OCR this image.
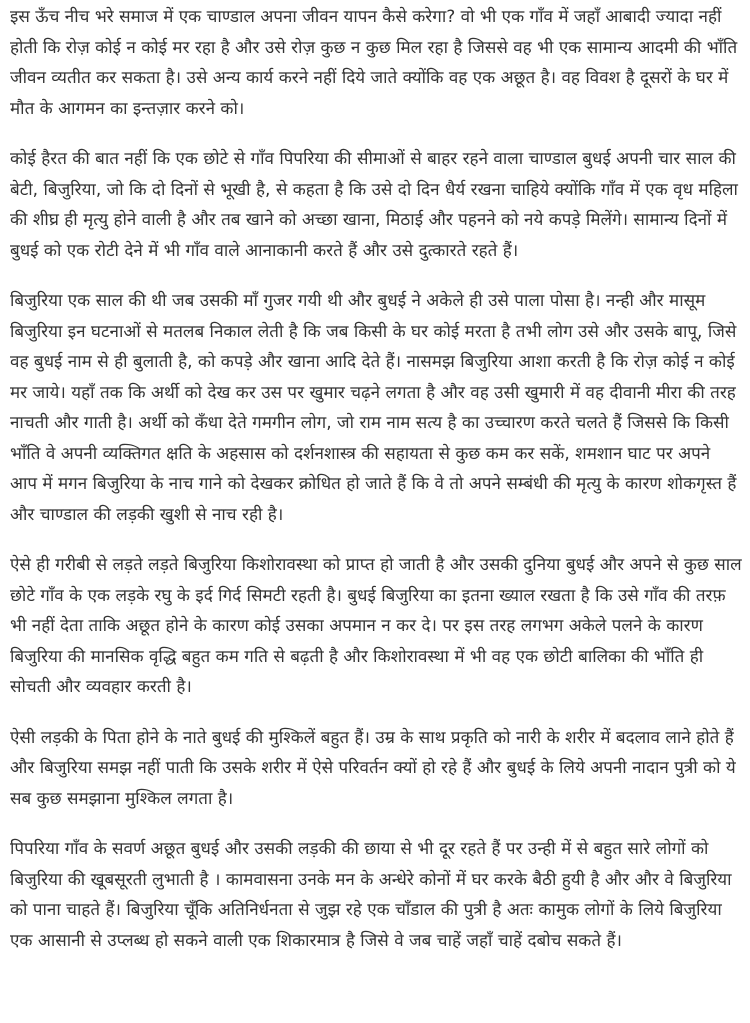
इस ऊँच नीच भरे समाज में एक चाण्डाल अपना जीवन यापन कैसे करेगा? वो भी एक गाँव में जहाँ आबादी ज्यादा नहीं होती कि रोज़ कोई न कोई मर रहा है और उसे रोज़ कुछ न कुछ मिल रहा है जिससे वह भी एक सामान्य आदमी की भाँति जीवन व्यतीत कर सकता है। उसे अन्य कार्य करने नहीं दिये जाते क्योंकि वह एक अछूत है। वह विवश है दूसरों के घर में मौत के आगमन का इन्तज़ार करने को।

कोई हैरत की बात नहीं कि एक छोटे से गाँव पिपरिया की सीमाओं से बाहर रहने वाला चाण्डाल बुधई अपनी चार साल की बेटी, बिजुरिया, जो कि दो दिनों से भूखी है, से कहता है कि उसे दो दिन धैर्य रखना चाहिये क्योंकि गाँव में एक वृध महिला की शीघ्र ही मृत्यु होने वाली है और तब खाने को अच्छा खाना, मिठाई और पहनने को नये कपड़े मिलेंगे। सामान्य दिनों में बुधई को एक रोटी देने में भी गाँव वाले आनाकानी करते हैं और उसे दुत्कारते रहते हैं।

बिजुरिया एक साल की थी जब उसकी माँ गुजर गयी थी और बुधई ने अकेले ही उसे पाला पोसा है। नन्ही और मासूम बिजुरिया इन घटनाओं से मतलब निकाल लेती है कि जब किसी के घर कोई मरता है तभी लोग उसे और उसके बापू, जिसे वह बुधई नाम से ही बुलाती है, को कपड़े और खाना आदि देते हैं। नासमझ बिजुरिया आशा करती है कि रोज़ कोई न कोई मर जाये। यहाँ तक कि अर्थी को देख कर उस पर खुमार चढ़ने लगता है और वह उसी खुमारी में वह दीवानी मीरा की तरह नाचती और गाती है। अर्थी को कँधा देते गमगीन लोग, जो राम नाम सत्य है का उच्चारण करते चलते हैं जिससे कि किसी भाँति वे अपनी व्यक्तिगत क्षति के अहसास को दर्शनशास्त्र की सहायता से कुछ कम कर सकें, शमशान घाट पर अपने आप में मगन बिजुरिया के नाच गाने को देखकर क्रोधित हो जाते हैं कि वे तो अपने सम्बंधी की मृत्यु के कारण शोकगृस्त हैं और चाण्डाल की लड़की खुशी से नाच रही है।

ऐसे ही गरीबी से लड़ते लड़ते बिजुरिया किशोरावस्था को प्राप्त हो जाती है और उसकी दुनिया बुधई और अपने से कुछ साल छोटे गाँव के एक लड़के रघु के इर्द गिर्द सिमटी रहती है। बुधई बिजुरिया का इतना ख्याल रखता है कि उसे गाँव की तरफ़ भी नहीं देता ताकि अछूत होने के कारण कोई उसका अपमान न कर दे। पर इस तरह लगभग अकेले पलने के कारण बिजुरिया की मानसिक वृद्धि बहुत कम गति से बढ़ती है और किशोरावस्था में भी वह एक छोटी बालिका की भाँति ही सोचती और व्यवहार करती है।

ऐसी लड़की के पिता होने के नाते बुधई की मुश्किलें बहुत हैं। उम्र के साथ प्रकृति को नारी के शरीर में बदलाव लाने होते हैं और बिजुरिया समझ नहीं पाती कि उसके शरीर में ऐसे परिवर्तन क्यों हो रहे हैं और बुधई के लिये अपनी नादान पुत्री को ये सब कुछ समझाना मुश्किल लगता है।

पिपरिया गाँव के सवर्ण अछूत बुधई और उसकी लड़की की छाया से भी दूर रहते हैं पर उन्ही में से बहुत सारे लोगों को बिजुरिया की खूबसूरती लुभाती है । कामवासना उनके मन के अन्धेरे कोनों में घर करके बैठी हुयी है और और वे बिजुरिया को पाना चाहते हैं। बिजुरिया चूँकि अतिनिर्धनता से जुझ रहे एक चाँडाल की पुत्री है अतः कामुक लोगों के लिये बिजुरिया एक आसानी से उप्लब्ध हो सकने वाली एक शिकारमात्र है जिसे वे जब चाहें जहाँ चाहें दबोच सकते हैं।
